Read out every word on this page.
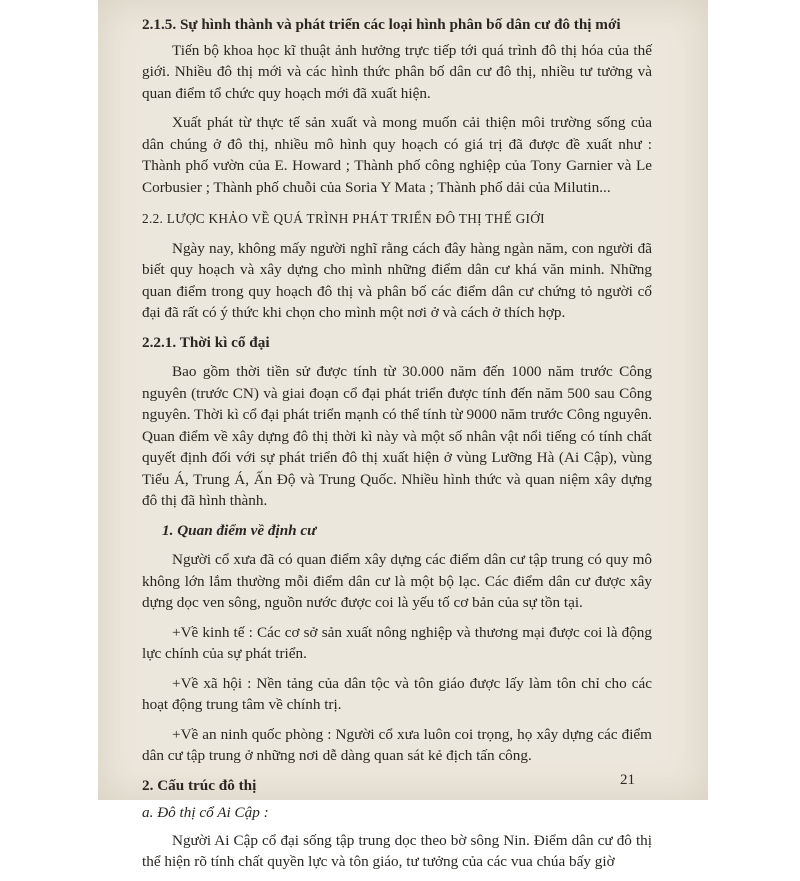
2.1.5. Sự hình thành và phát triển các loại hình phân bố dân cư đô thị mới

Tiến bộ khoa học kĩ thuật ảnh hưởng trực tiếp tới quá trình đô thị hóa của thế giới. Nhiều đô thị mới và các hình thức phân bố dân cư đô thị, nhiều tư tưởng và quan điểm tổ chức quy hoạch mới đã xuất hiện.

Xuất phát từ thực tế sản xuất và mong muốn cải thiện môi trường sống của dân chúng ở đô thị, nhiều mô hình quy hoạch có giá trị đã được đề xuất như : Thành phố vườn của E. Howard ; Thành phố công nghiệp của Tony Garnier và Le Corbusier ; Thành phố chuỗi của Soria Y Mata ; Thành phố dải của Milutin...

2.2. LƯỢC KHẢO VỀ QUÁ TRÌNH PHÁT TRIỂN ĐÔ THỊ THẾ GIỚI

Ngày nay, không mấy người nghĩ rằng cách đây hàng ngàn năm, con người đã biết quy hoạch và xây dựng cho mình những điểm dân cư khá văn minh. Những quan điểm trong quy hoạch đô thị và phân bố các điểm dân cư chứng tỏ người cổ đại đã rất có ý thức khi chọn cho mình một nơi ở và cách ở thích hợp.

2.2.1. Thời kì cổ đại

Bao gồm thời tiền sử được tính từ 30.000 năm đến 1000 năm trước Công nguyên (trước CN) và giai đoạn cổ đại phát triển được tính đến năm 500 sau Công nguyên. Thời kì cổ đại phát triển mạnh có thể tính từ 9000 năm trước Công nguyên. Quan điểm về xây dựng đô thị thời kì này và một số nhân vật nổi tiếng có tính chất quyết định đối với sự phát triển đô thị xuất hiện ở vùng Lưỡng Hà (Ai Cập), vùng Tiểu Á, Trung Á, Ấn Độ và Trung Quốc. Nhiều hình thức và quan niệm xây dựng đô thị đã hình thành.

1. Quan điểm về định cư

Người cổ xưa đã có quan điểm xây dựng các điểm dân cư tập trung có quy mô không lớn lắm thường mỗi điểm dân cư là một bộ lạc. Các điểm dân cư được xây dựng dọc ven sông, nguồn nước được coi là yếu tố cơ bản của sự tồn tại.

+Về kinh tế : Các cơ sở sản xuất nông nghiệp và thương mại được coi là động lực chính của sự phát triển.

+Về xã hội : Nền tảng của dân tộc và tôn giáo được lấy làm tôn chỉ cho các hoạt động trung tâm về chính trị.

+Về an ninh quốc phòng : Người cổ xưa luôn coi trọng, họ xây dựng các điểm dân cư tập trung ở những nơi dễ dàng quan sát kẻ địch tấn công.

2. Cấu trúc đô thị
a. Đô thị cổ Ai Cập :

Người Ai Cập cổ đại sống tập trung dọc theo bờ sông Nin. Điểm dân cư đô thị thể hiện rõ tính chất quyền lực và tôn giáo, tư tưởng của các vua chúa bấy giờ

21
